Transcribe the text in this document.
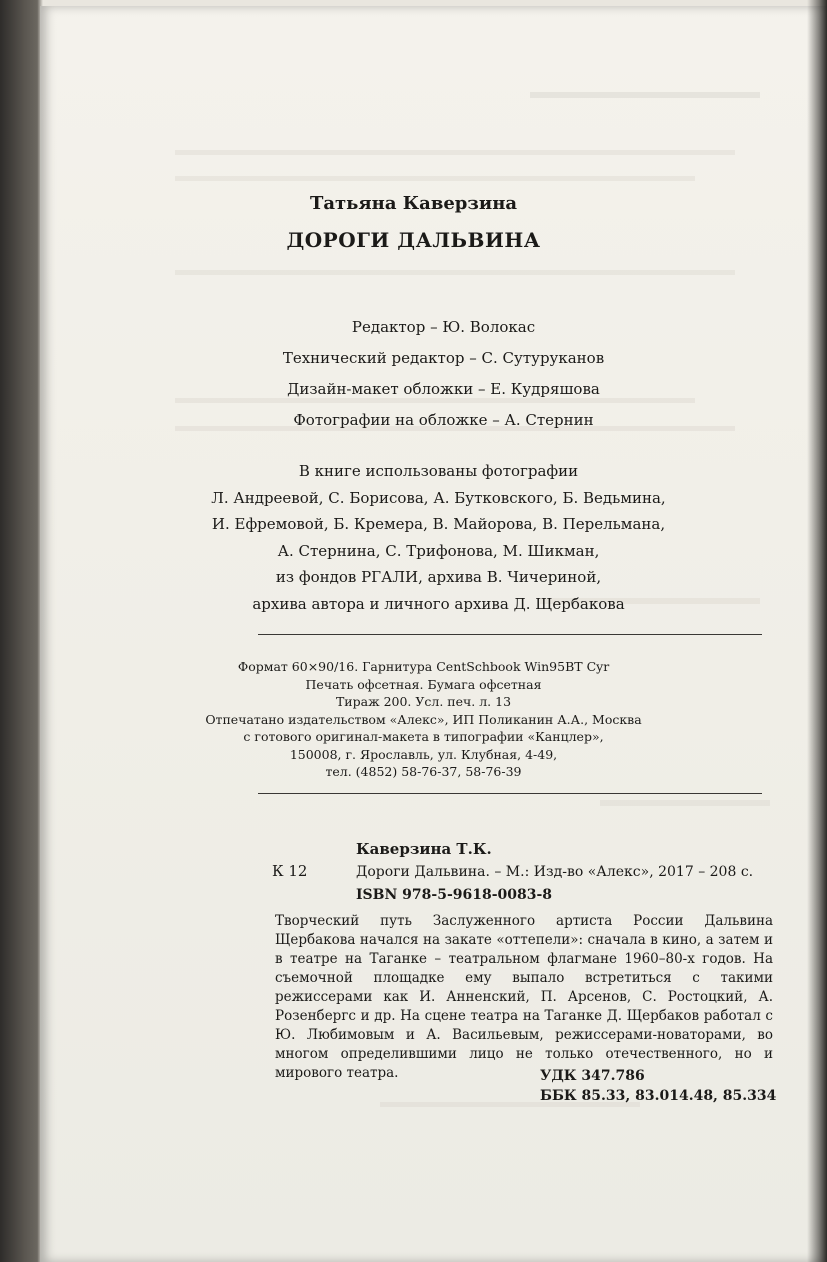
Татьяна Каверзина
ДОРОГИ ДАЛЬВИНА
Редактор – Ю. Волокас
Технический редактор – С. Сутуруканов
Дизайн-макет обложки – Е. Кудряшова
Фотографии на обложке – А. Стернин
В книге использованы фотографии
Л. Андреевой, С. Борисова, А. Бутковского, Б. Ведьмина,
И. Ефремовой, Б. Кремера, В. Майорова, В. Перельмана,
А. Стернина, С. Трифонова, М. Шикман,
из фондов РГАЛИ, архива В. Чичериной,
архива автора и личного архива Д. Щербакова
Формат 60×90/16. Гарнитура CentSchbook Win95BT Cyr
Печать офсетная. Бумага офсетная
Тираж 200. Усл. печ. л. 13
Отпечатано издательством «Алекс», ИП Поликанин А.А., Москва
с готового оригинал-макета в типографии «Канцлер»,
150008, г. Ярославль, ул. Клубная, 4-49,
тел. (4852) 58-76-37, 58-76-39
К 12
Каверзина Т.К.
Дороги Дальвина. – М.: Изд-во «Алекс», 2017 – 208 с.
ISBN 978-5-9618-0083-8

Творческий путь Заслуженного артиста России Дальвина Щербакова начался на закате «оттепели»: сначала в кино, а затем и в театре на Таганке – театральном флагмане 1960–80-х годов. На съемочной площадке ему выпало встретиться с такими режиссерами как И. Анненский, П. Арсенов, С. Ростоцкий, А. Розенбергс и др. На сцене театра на Таганке Д. Щербаков работал с Ю. Любимовым и А. Васильевым, режиссерами-новаторами, во многом определившими лицо не только отечественного, но и мирового театра.	УДК 347.786
ББК 85.33, 83.014.48, 85.334
